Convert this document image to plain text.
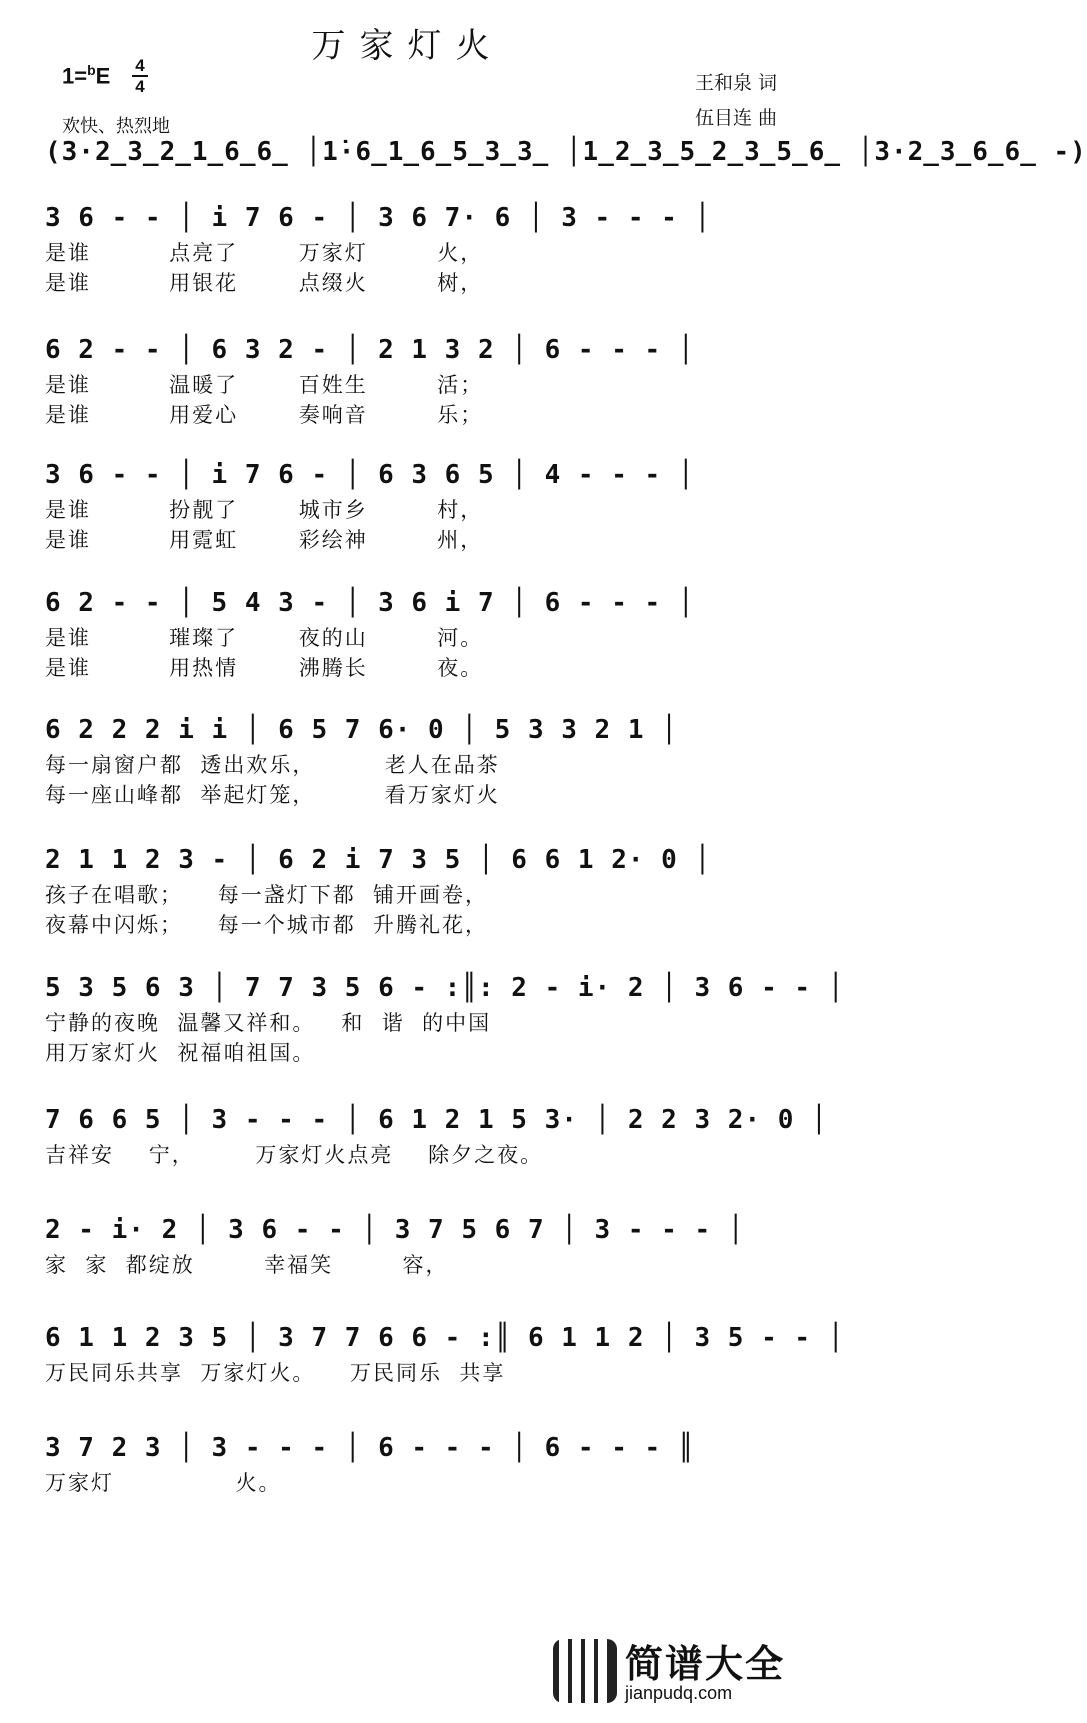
万家灯火
1=$^b$E	4
4
欢快、热烈地
王和泉 词
伍目连 曲
(3·2̲3̲2̲1̲6̲6̲ │1̇·6̲1̲6̲5̲3̲3̲ │1̲2̲3̲5̲2̲3̲5̲6̲ │3·2̲3̲6̲6̲ -)
3 6 - - │ i 7 6 - │ 3 6 7· 6 │ 3 - - - │
是谁         点亮了       万家灯        火，
是谁         用银花       点缀火        树，
6 2 - - │ 6 3 2 - │ 2 1 3 2 │ 6 - - - │
是谁         温暖了       百姓生        活；
是谁         用爱心       奏响音        乐；
3 6 - - │ i 7 6 - │ 6 3 6 5 │ 4 - - - │
是谁         扮靓了       城市乡        村，
是谁         用霓虹       彩绘神        州，
6 2 - - │ 5 4 3 - │ 3 6 i 7 │ 6 - - - │
是谁         璀璨了       夜的山        河。
是谁         用热情       沸腾长        夜。
6 2 2 2 i i │ 6 5 7 6· 0 │ 5 3 3 2 1 │
每一扇窗户都  透出欢乐，        老人在品茶
每一座山峰都  举起灯笼，        看万家灯火
2 1 1 2 3 - │ 6 2 i 7 3 5 │ 6 6 1 2· 0 │
孩子在唱歌；    每一盏灯下都  铺开画卷，
夜幕中闪烁；    每一个城市都  升腾礼花，
5 3 5 6 3 │ 7 7 3 5 6 - :║: 2 - i· 2 │ 3 6 - - │
宁静的夜晚  温馨又祥和。   和  谐  的中国
用万家灯火  祝福咱祖国。
7 6 6 5 │ 3 - - - │ 6 1 2 1 5 3· │ 2 2 3 2· 0 │
吉祥安    宁，       万家灯火点亮    除夕之夜。
2 - i· 2 │ 3 6 - - │ 3 7 5 6 7 │ 3 - - - │
家  家  都绽放        幸福笑        容，
6 1 1 2 3 5 │ 3 7 7 6 6 - :║ 6 1 1 2 │ 3 5 - - │
万民同乐共享  万家灯火。    万民同乐  共享
3 7 2 3 │ 3 - - - │ 6 - - - │ 6 - - - ║
万家灯              火。
简谱大全
jianpudq.com
